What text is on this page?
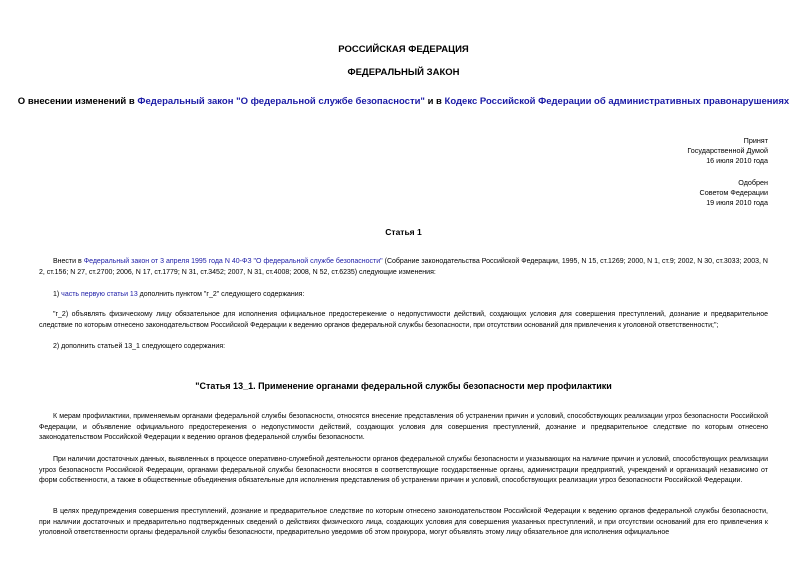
РОССИЙСКАЯ ФЕДЕРАЦИЯ
ФЕДЕРАЛЬНЫЙ ЗАКОН
О внесении изменений в Федеральный закон "О федеральной службе безопасности" и в Кодекс Российской Федерации об административных правонарушениях
Принят
Государственной Думой
16 июля 2010 года
Одобрен
Советом Федерации
19 июля 2010 года
Статья 1
Внести в Федеральный закон от 3 апреля 1995 года N 40-ФЗ "О федеральной службе безопасности" (Собрание законодательства Российской Федерации, 1995, N 15, ст.1269; 2000, N 1, ст.9; 2002, N 30, ст.3033; 2003, N 2, ст.156; N 27, ст.2700; 2006, N 17, ст.1779; N 31, ст.3452; 2007, N 31, ст.4008; 2008, N 52, ст.6235) следующие изменения:
1) часть первую статьи 13 дополнить пунктом "г_2" следующего содержания:
"г_2) объявлять физическому лицу обязательное для исполнения официальное предостережение о недопустимости действий, создающих условия для совершения преступлений, дознание и предварительное следствие по которым отнесено законодательством Российской Федерации к ведению органов федеральной службы безопасности, при отсутствии оснований для привлечения к уголовной ответственности;";
2) дополнить статьей 13_1 следующего содержания:
"Статья 13_1. Применение органами федеральной службы безопасности мер профилактики
К мерам профилактики, применяемым органами федеральной службы безопасности, относятся внесение представления об устранении причин и условий, способствующих реализации угроз безопасности Российской Федерации, и объявление официального предостережения о недопустимости действий, создающих условия для совершения преступлений, дознание и предварительное следствие по которым отнесено законодательством Российской Федерации к ведению органов федеральной службы безопасности.
При наличии достаточных данных, выявленных в процессе оперативно-служебной деятельности органов федеральной службы безопасности и указывающих на наличие причин и условий, способствующих реализации угроз безопасности Российской Федерации, органами федеральной службы безопасности вносятся в соответствующие государственные органы, администрации предприятий, учреждений и организаций независимо от форм собственности, а также в общественные объединения обязательные для исполнения представления об устранении причин и условий, способствующих реализации угроз безопасности Российской Федерации.
В целях предупреждения совершения преступлений, дознание и предварительное следствие по которым отнесено законодательством Российской Федерации к ведению органов федеральной службы безопасности, при наличии достаточных и предварительно подтвержденных сведений о действиях физического лица, создающих условия для совершения указанных преступлений, и при отсутствии оснований для его привлечения к уголовной ответственности органы федеральной службы безопасности, предварительно уведомив об этом прокурора, могут объявлять этому лицу обязательное для исполнения официальное
